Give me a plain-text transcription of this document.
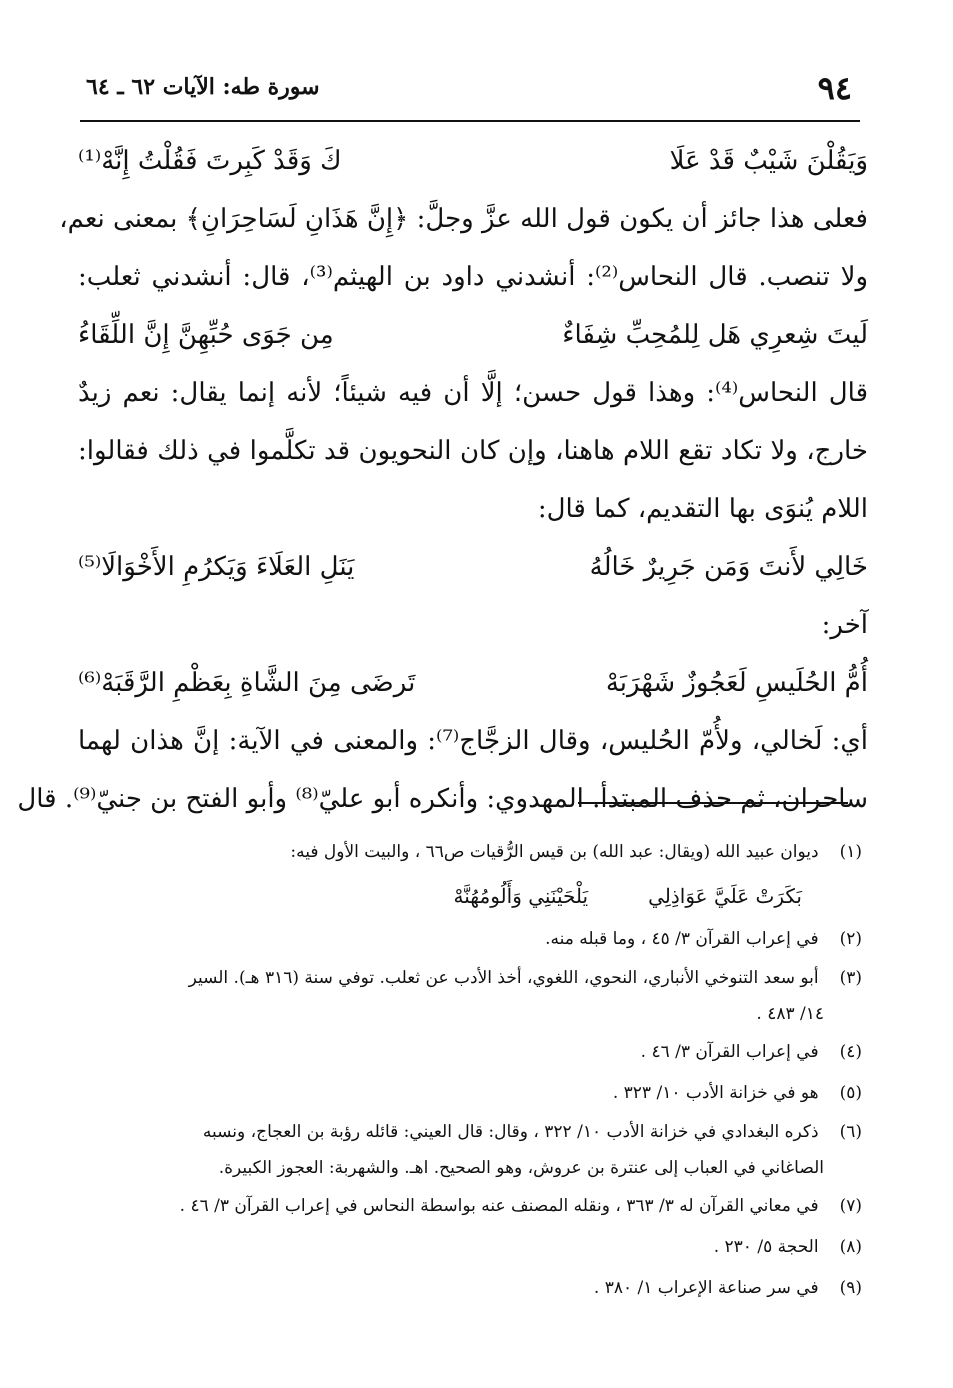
٩٤
سورة طه: الآيات ٦٢ ـ ٦٤
وَيَقُلْنَ شَيْبٌ قَدْ عَلَا
كَ وَقَدْ كَبِرتَ فَقُلْتُ إِنَّهْ⁽¹⁾
فعلى هذا جائز أن يكون قول الله عزَّ وجلَّ: ﴿إِنَّ هَذَانِ لَسَاحِرَانِ﴾ بمعنى نعم،
ولا تنصب. قال النحاس⁽²⁾: أنشدني داود بن الهيثم⁽³⁾، قال: أنشدني ثعلب:
لَيتَ شِعرِي هَل لِلمُحِبِّ شِفَاءٌ
مِن جَوَى حُبِّهِنَّ إِنَّ اللِّقَاءُ
قال النحاس⁽⁴⁾: وهذا قول حسن؛ إلَّا أن فيه شيئاً؛ لأنه إنما يقال: نعم زيدٌ
خارج، ولا تكاد تقع اللام هاهنا، وإن كان النحويون قد تكلَّموا في ذلك فقالوا:
اللام يُنوَى بها التقديم، كما قال:
خَالِي لأَنتَ وَمَن جَرِيرٌ خَالُهُ
يَنَلِ العَلَاءَ وَيَكرُمِ الأَخْوَالَا⁽⁵⁾
آخر:
أُمُّ الحُلَيسِ لَعَجُوزٌ شَهْرَبَهْ
تَرضَى مِنَ الشَّاةِ بِعَظْمِ الرَّقَبَهْ⁽⁶⁾
أي: لَخالي، ولأُمّ الحُليس، وقال الزجَّاج⁽⁷⁾: والمعنى في الآية: إنَّ هذان لهما
ساحران، ثم حذف المبتدأ. المهدوي: وأنكره أبو عليّ⁽⁸⁾ وأبو الفتح بن جنيّ⁽⁹⁾. قال
(١) ديوان عبيد الله (ويقال: عبد الله) بن قيس الرُّقيات ص٦٦ ، والبيت الأول فيه:
بَكَرَتْ عَلَيَّ عَوَاذِلِييَلْحَيْنَنِي وَأَلُومُهُنَّهْ
(٢) في إعراب القرآن ٣/ ٤٥ ، وما قبله منه.
(٣) أبو سعد التنوخي الأنباري، النحوي، اللغوي، أخذ الأدب عن ثعلب. توفي سنة (٣١٦ هـ). السير
١٤/ ٤٨٣ .
(٤) في إعراب القرآن ٣/ ٤٦ .
(٥) هو في خزانة الأدب ١٠/ ٣٢٣ .
(٦) ذكره البغدادي في خزانة الأدب ١٠/ ٣٢٢ ، وقال: قال العيني: قائله رؤبة بن العجاج، ونسبه
الصاغاني في العباب إلى عنترة بن عروش، وهو الصحيح. اهـ. والشهربة: العجوز الكبيرة.
(٧) في معاني القرآن له ٣/ ٣٦٣ ، ونقله المصنف عنه بواسطة النحاس في إعراب القرآن ٣/ ٤٦ .
(٨) الحجة ٥/ ٢٣٠ .
(٩) في سر صناعة الإعراب ١/ ٣٨٠ .
